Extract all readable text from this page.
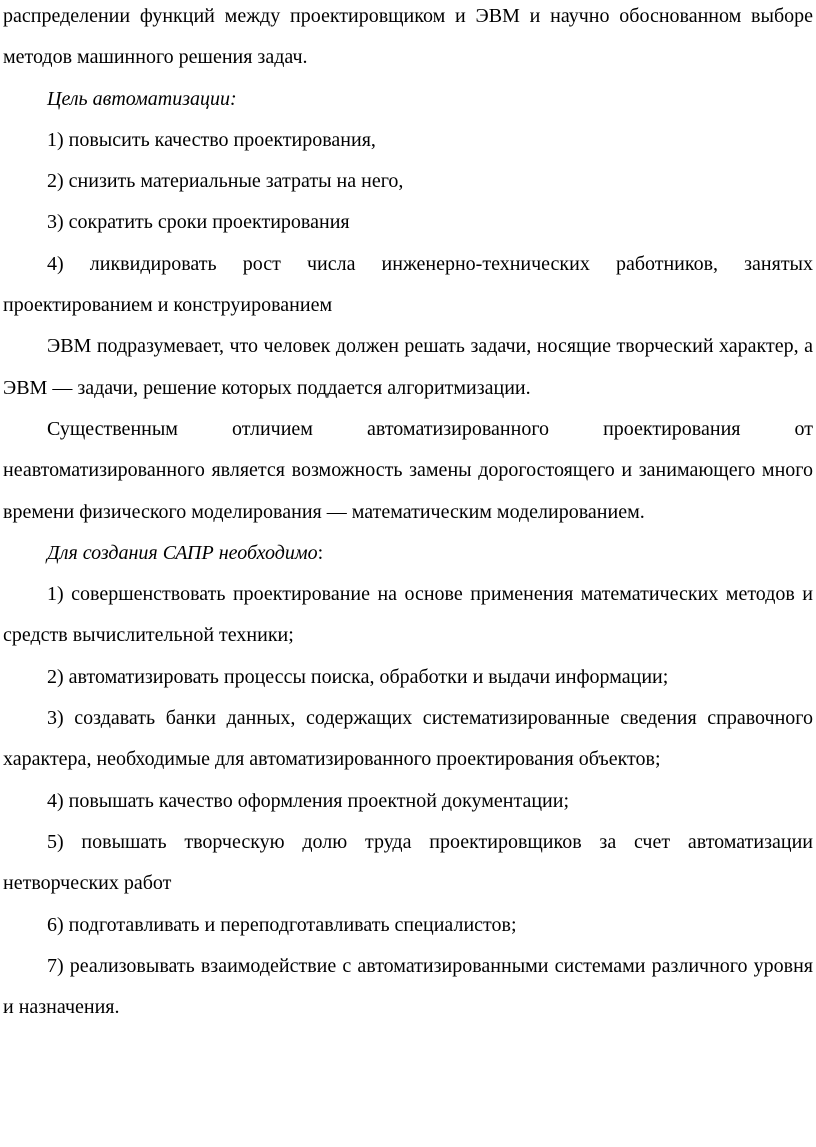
распределении функций между проектировщиком и ЭВМ и научно обоснованном выборе методов машинного решения задач.

Цель автоматизации:

1) повысить качество проектирования,

2) снизить материальные затраты на него,

3) сократить сроки проектирования

4) ликвидировать рост числа инженерно-технических работников, занятых проектированием и конструированием

ЭВМ подразумевает, что человек должен решать задачи, носящие творческий характер, а ЭВМ — задачи, решение которых поддается алгоритмизации.

Существенным отличием автоматизированного проектирования от неавтоматизированного является возможность замены дорогостоящего и занимающего много времени физического моделирования — математическим моделированием.

Для создания САПР необходимо:

1) совершенствовать проектирование на основе применения математических методов и средств вычислительной техники;

2) автоматизировать процессы поиска, обработки и выдачи информации;

3) создавать банки данных, содержащих систематизированные сведения справочного характера, необходимые для автоматизированного проектирования объектов;

4) повышать качество оформления проектной документации;

5) повышать творческую долю труда проектировщиков за счет автоматизации нетворческих работ

6) подготавливать и переподготавливать специалистов;

7) реализовывать взаимодействие с автоматизированными системами различного уровня и назначения.
